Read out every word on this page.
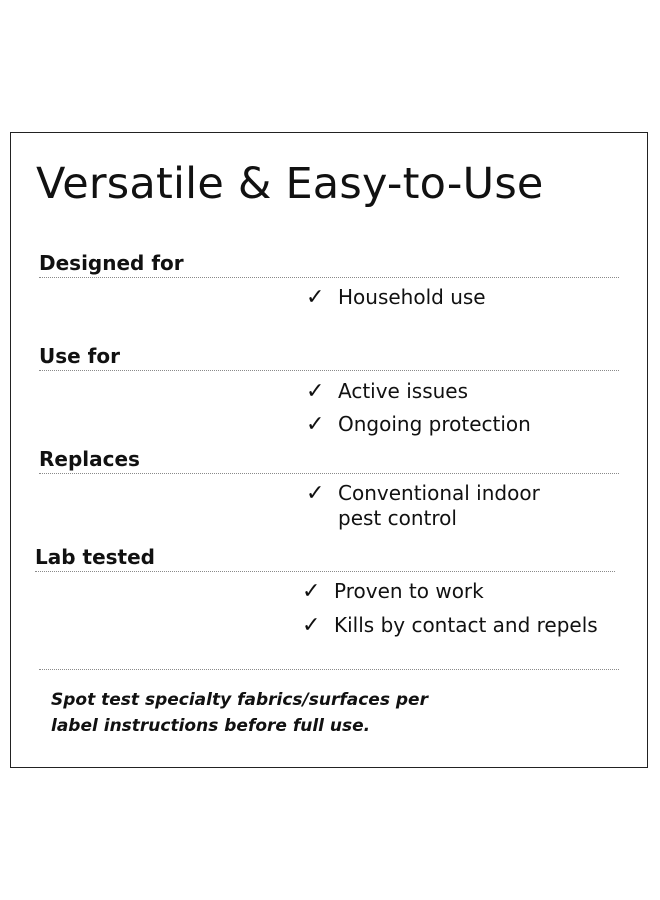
Versatile & Easy-to-Use
Designed for
✓ Household use
Use for
✓ Active issues
✓ Ongoing protection
Replaces
✓ Conventional indoor
pest control
Lab tested
✓ Proven to work
✓ Kills by contact and repels

Spot test specialty fabrics/surfaces per
label instructions before full use.
